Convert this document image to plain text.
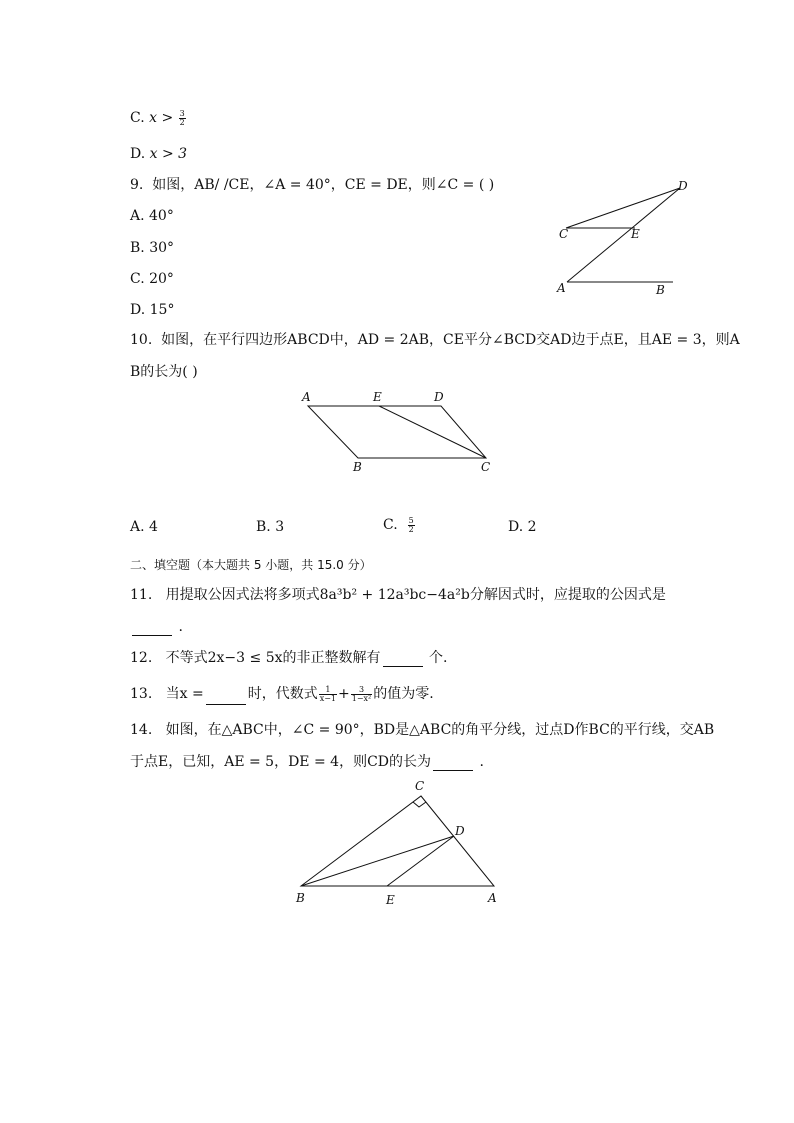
C. $x > \frac{3}{2}$
D. x > 3
9. 如图，AB/ /CE，∠A = 40°，CE = DE，则∠C = ( )
A. 40°
B. 30°
C. 20°
D. 15°
D
C	E
A	B
10. 如图，在平行四边形ABCD中，AD = 2AB，CE平分∠BCD交AD边于点E，且AE = 3，则A
B的长为( )
A	E	D
B	C
A. 4	B. 3	C. $\frac{5}{2}$	D. 2
二、填空题（本大题共 5 小题，共 15.0 分）
11. 用提取公因式法将多项式8a³b² + 12a³bc−4a²b分解因式时，应提取的公因式是
.
12. 不等式2x−3 ≤ 5x的非正整数解有	个.
13. 当x =	时，代数式 $\frac{1}{x-1} + \frac{3}{\text{1−x²}}$ 的值为零.
14. 如图，在△ABC中，∠C = 90°，BD是△ABC的角平分线，过点D作BC的平行线，交AB
于点E，已知，AE = 5，DE = 4，则CD的长为	.
C
D
B	E	A
